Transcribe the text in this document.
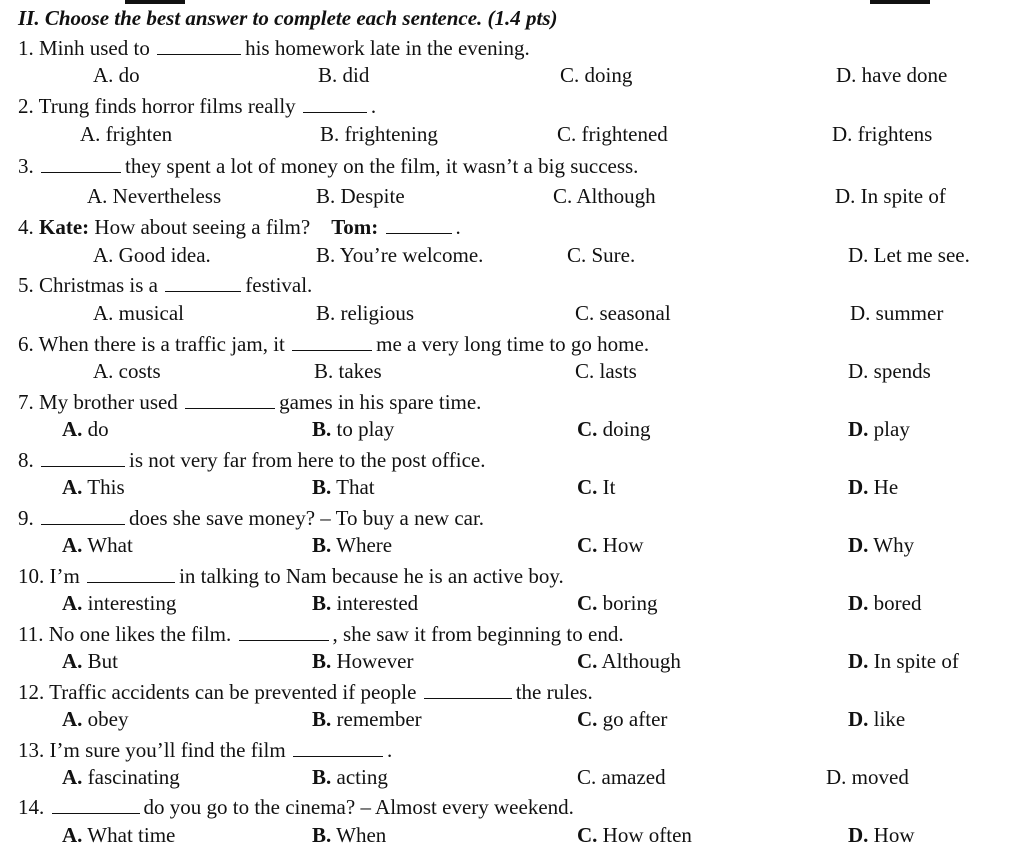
II. Choose the best answer to complete each sentence. (1.4 pts)
1. Minh used to	his homework late in the evening.
A. do	B. did	C. doing	D. have done
2. Trung finds horror films really	.
A. frighten	B. frightening	C. frightened	D. frightens
3.	they spent a lot of money on the film, it wasn’t a big success.
A. Nevertheless	B. Despite	C. Although	D. In spite of
4. Kate: How about seeing a film? Tom:	.
A. Good idea.	B. You’re welcome.	C. Sure.	D. Let me see.
5. Christmas is a	festival.
A. musical	B. religious	C. seasonal	D. summer
6. When there is a traffic jam, it	me a very long time to go home.
A. costs	B. takes	C. lasts	D. spends
7. My brother used	games in his spare time.
A. do	B. to play	C. doing	D. play
8.	is not very far from here to the post office.
A. This	B. That	C. It	D. He
9.	does she save money? – To buy a new car.
A. What	B. Where	C. How	D. Why
10. I’m	in talking to Nam because he is an active boy.
A. interesting	B. interested	C. boring	D. bored
11. No one likes the film.	, she saw it from beginning to end.
A. But	B. However	C. Although	D. In spite of
12. Traffic accidents can be prevented if people	the rules.
A. obey	B. remember	C. go after	D. like
13. I’m sure you’ll find the film	.
A. fascinating	B. acting	C. amazed	D. moved
14.	do you go to the cinema? – Almost every weekend.
A. What time	B. When	C. How often	D. How
